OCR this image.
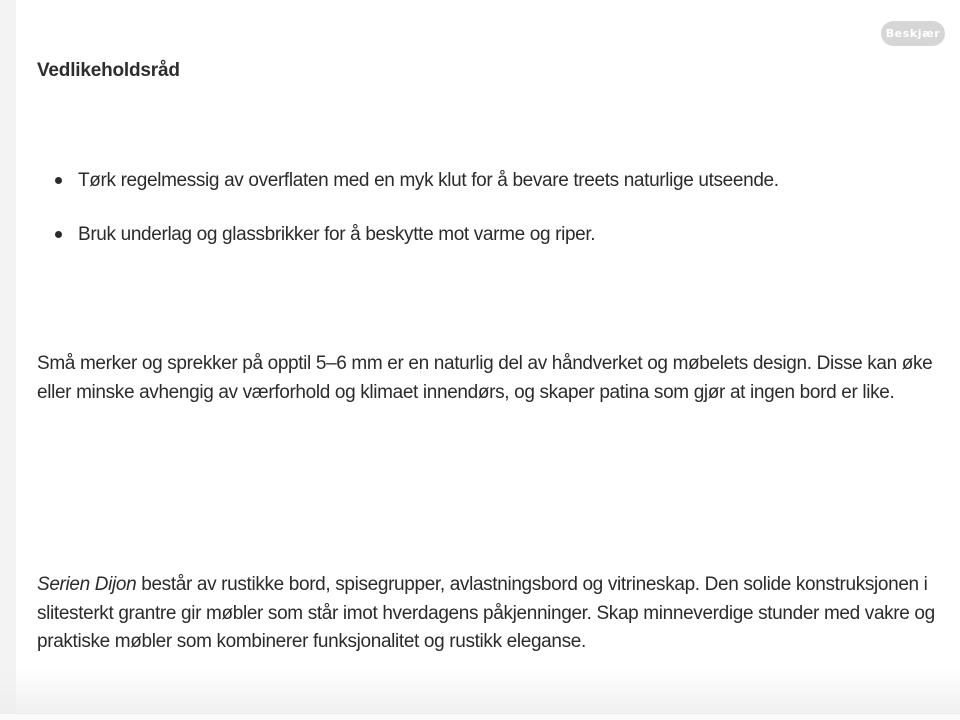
Beskjær
Vedlikeholdsråd
Tørk regelmessig av overflaten med en myk klut for å bevare treets naturlige utseende.
Bruk underlag og glassbrikker for å beskytte mot varme og riper.

Små merker og sprekker på opptil 5–6 mm er en naturlig del av håndverket og møbelets design. Disse kan øke eller minske avhengig av værforhold og klimaet innendørs, og skaper patina som gjør at ingen bord er like.

Serien Dijon består av rustikke bord, spisegrupper, avlastningsbord og vitrineskap. Den solide konstruksjonen i slitesterkt grantre gir møbler som står imot hverdagens påkjenninger. Skap minneverdige stunder med vakre og praktiske møbler som kombinerer funksjonalitet og rustikk eleganse.
